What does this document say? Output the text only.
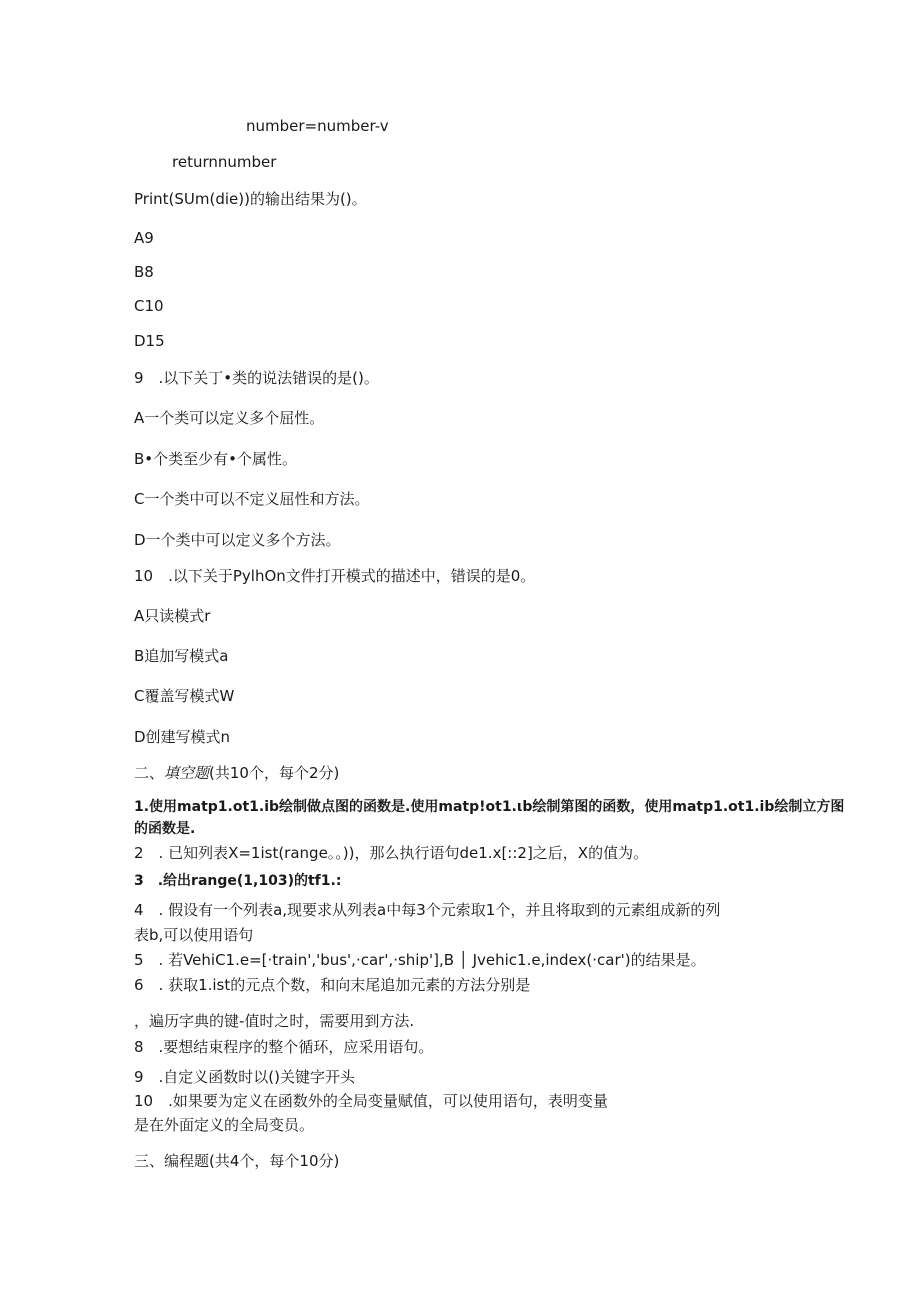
number=number-v
returnnumber
Print(SUm(die))的输出结果为()。
A9
B8
C10
D15
9　.以下关丁•类的说法错误的是()。
A一个类可以定义多个屈性。
B•个类至少有•个属性。
C一个类中可以不定义屈性和方法。
D一个类中可以定义多个方法。
10　.以下关于PylhOn文件打开模式的描述中，错误的是0。
A只读模式r
B追加写模式a
C覆盖写模式W
D创建写模式n
二、填空题(共10个，每个2分)
1.使用matp1.ot1.ib绘制做点图的函数是.使用matp!ot1.ιb绘制第图的函数，使用matp1.ot1.ib绘制立方图
的函数是.
2　. 已知列表X=1ist(range。。))，那么执行语句de1.x[::2]之后，X的值为。
3　.给出range(1,103)的tf1.:
4　. 假设有一个列表a,现要求从列表a中每3个元索取1个，并且将取到的元素组成新的列
表b,可以使用语句
5　. 若VehiC1.e=[·train','bus',·car',·ship'],B │ Jvehic1.e,index(·car')的结果是。
6　. 获取1.ist的元点个数，和向末尾追加元素的方法分别是
，遍历字典的键-值时之时，需要用到方法.
8　.要想结束程序的整个循环，应采用语句。
9　.自定义函数时以()关键字开头
10　.如果要为定义在函数外的全局变量赋值，可以使用语句，表明变量
是在外面定义的全局变员。
三、编程题(共4个，每个10分)
